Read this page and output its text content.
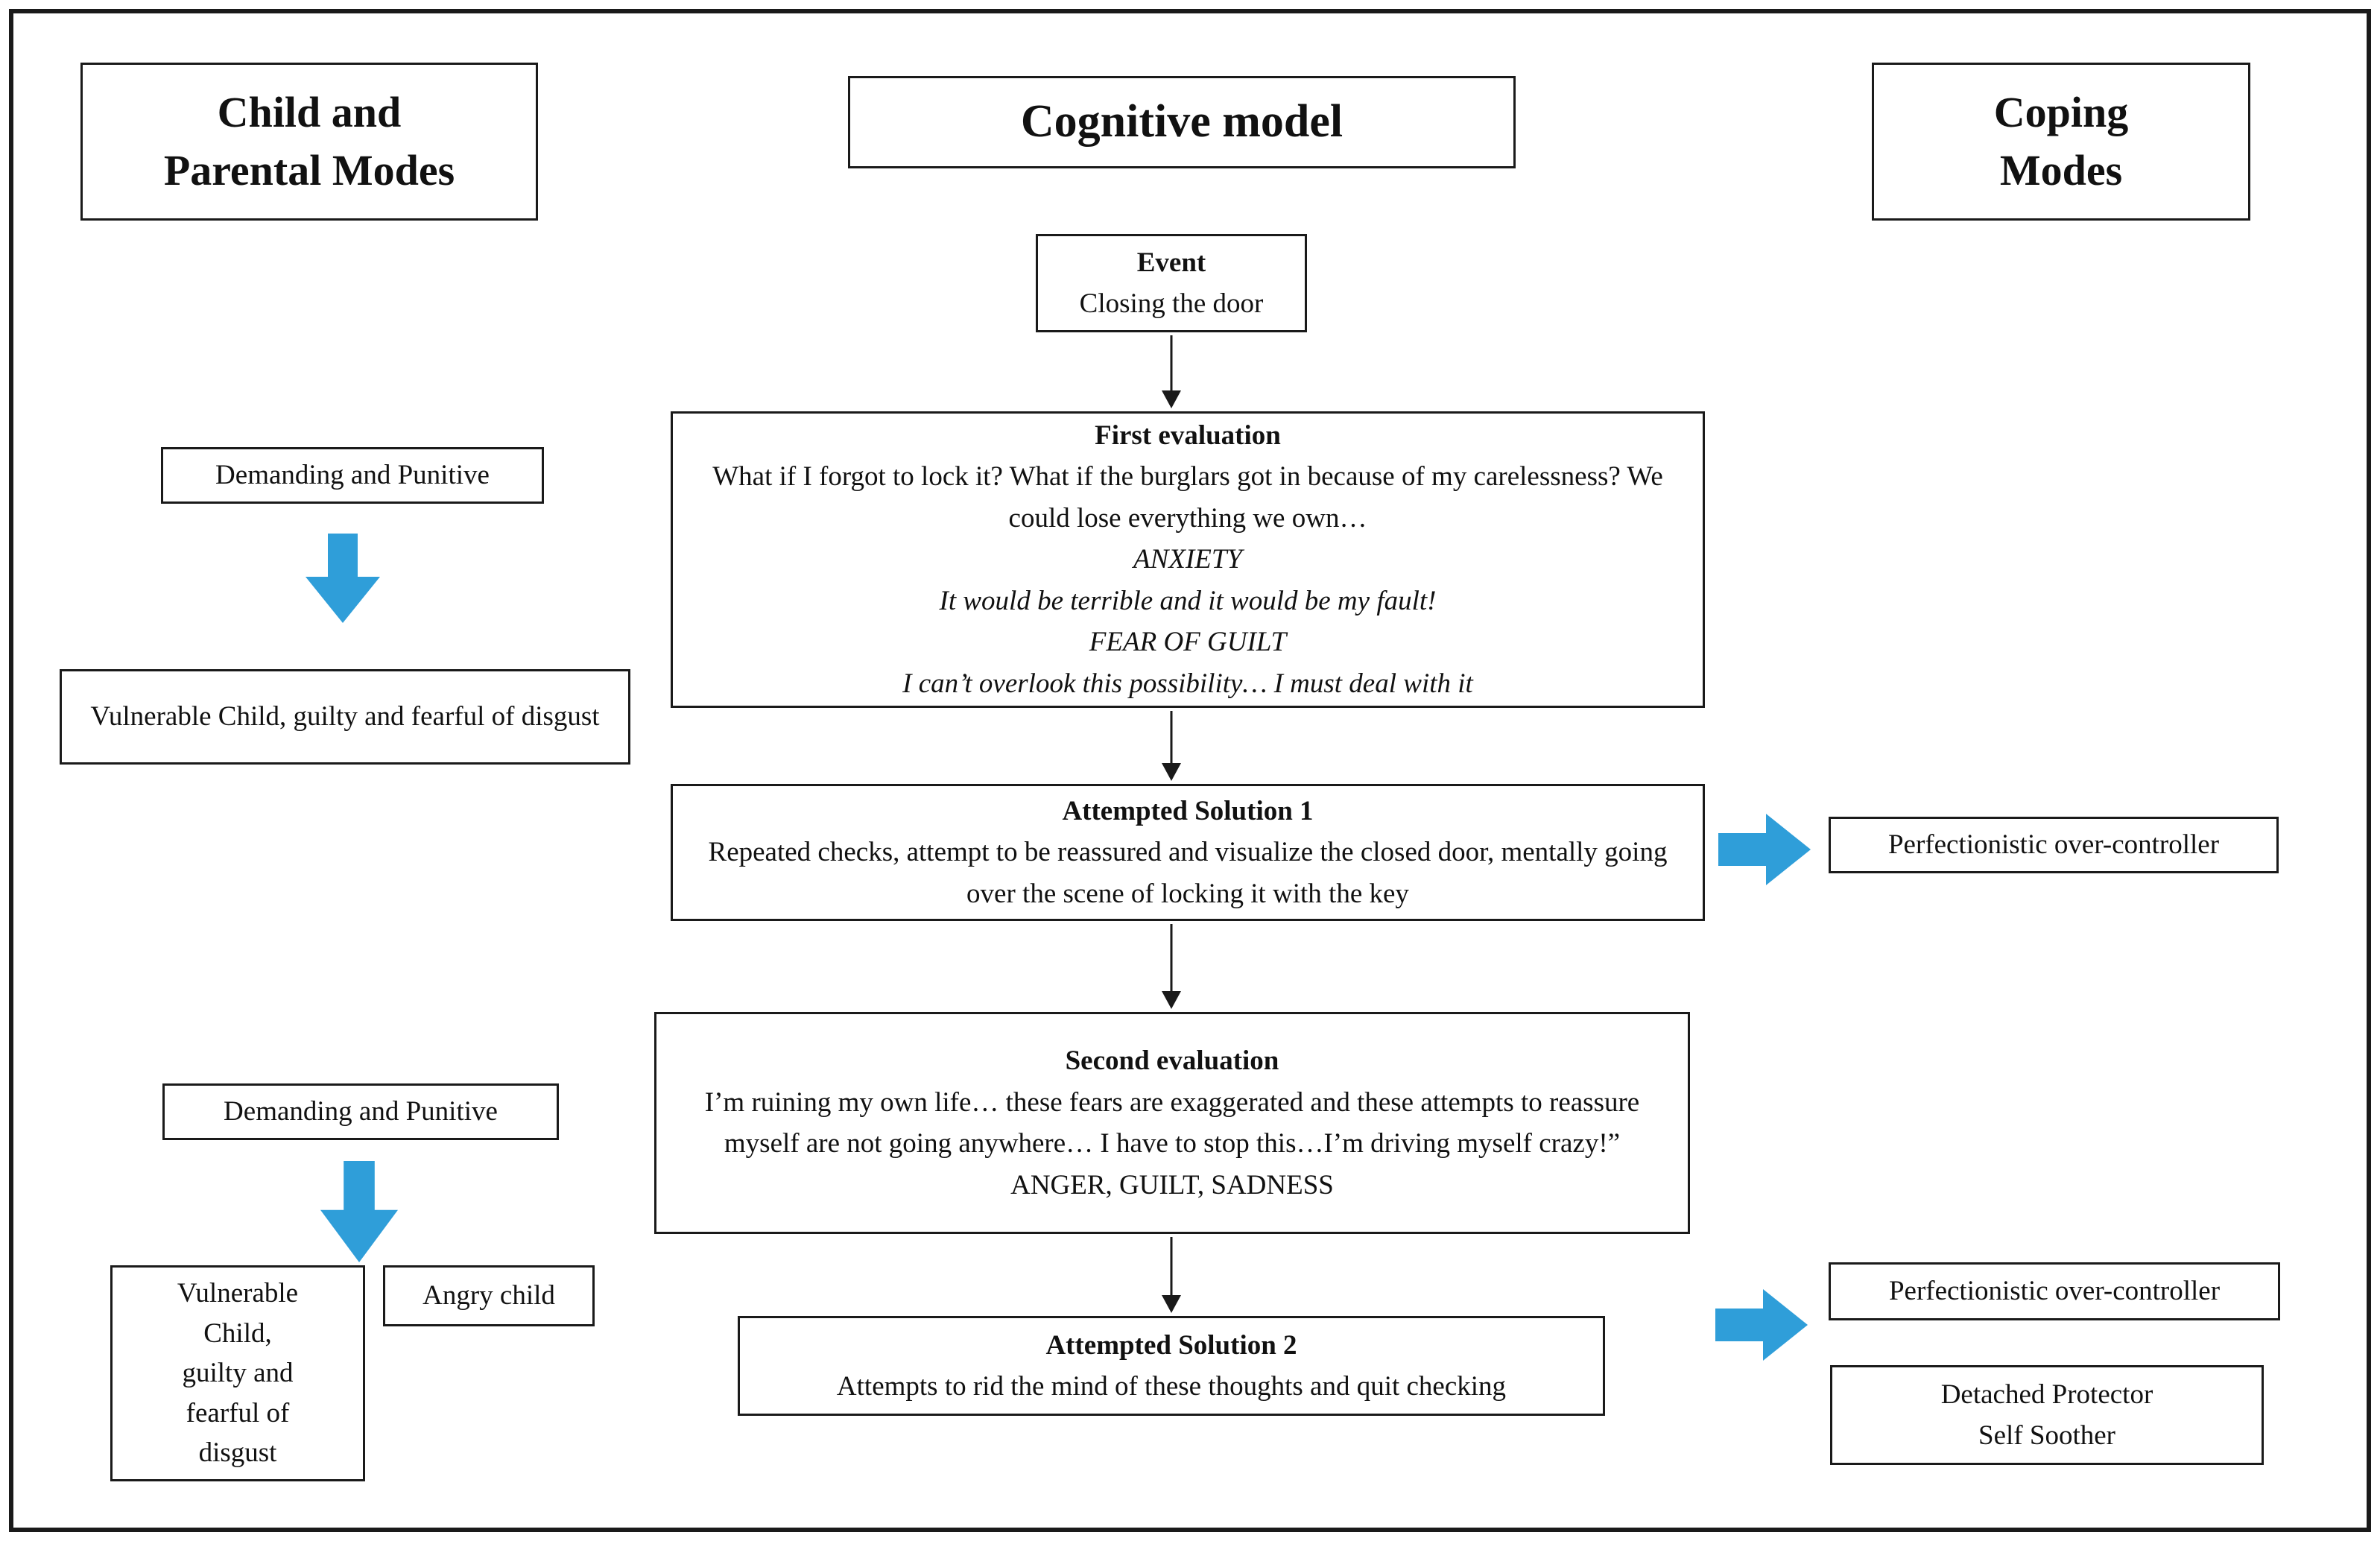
Child and
Parental Modes
Cognitive model	Coping
Modes
Event
Closing the door
First evaluation
What if I forgot to lock it? What if the burglars got in because of my carelessness? We could lose everything we own…
ANXIETY
It would be terrible and it would be my fault!
FEAR OF GUILT
I can’t overlook this possibility… I must deal with it
Attempted Solution 1
Repeated checks, attempt to be reassured and visualize the closed door, mentally going over the scene of locking it with the key
Second evaluation
I’m ruining my own life… these fears are exaggerated and these attempts to reassure myself are not going anywhere… I have to stop this…I’m driving myself crazy!”
ANGER, GUILT, SADNESS
Attempted Solution 2
Attempts to rid the mind of these thoughts and quit checking
Demanding and Punitive
Vulnerable Child, guilty and fearful of disgust
Demanding and Punitive
Vulnerable
Child,
guilty and
fearful of
disgust
Angry child
Perfectionistic over-controller
Perfectionistic over-controller
Detached Protector
Self Soother
